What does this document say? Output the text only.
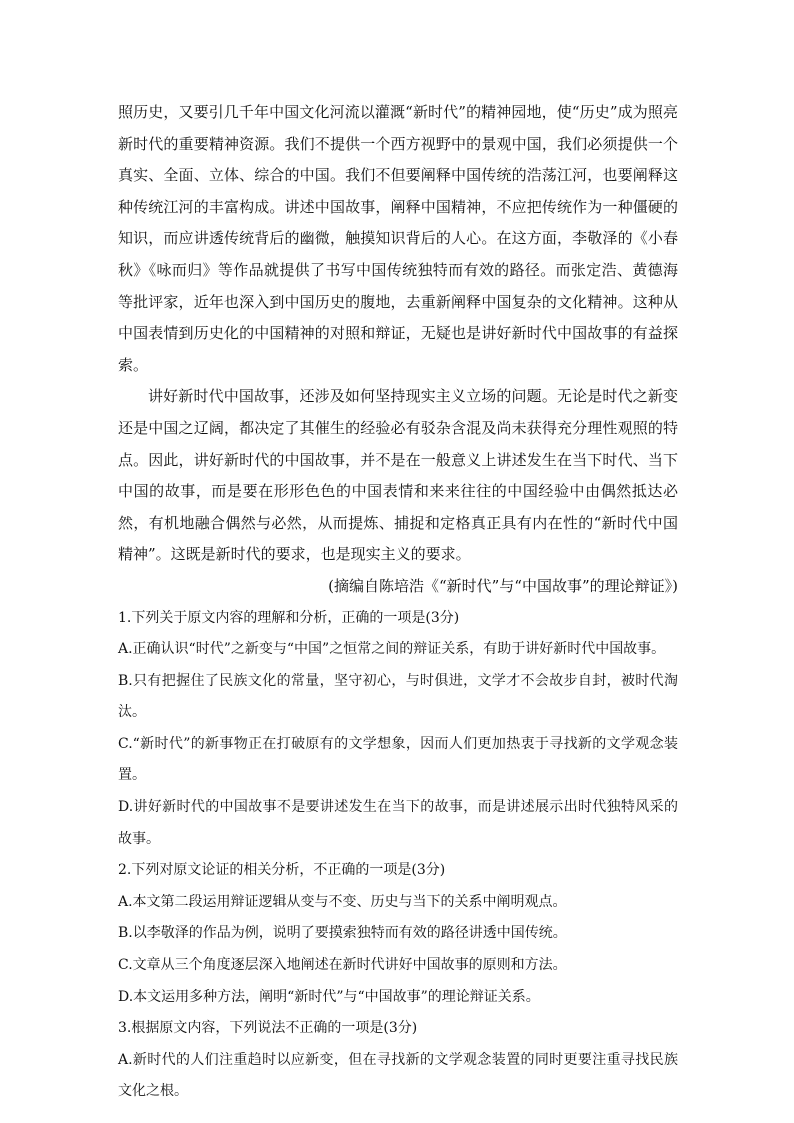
照历史，又要引几千年中国文化河流以灌溉“新时代”的精神园地，使“历史”成为照亮新时代的重要精神资源。我们不提供一个西方视野中的景观中国，我们必须提供一个真实、全面、立体、综合的中国。我们不但要阐释中国传统的浩荡江河，也要阐释这种传统江河的丰富构成。讲述中国故事，阐释中国精神，不应把传统作为一种僵硬的知识，而应讲透传统背后的幽微，触摸知识背后的人心。在这方面，李敬泽的《小春秋》《咏而归》等作品就提供了书写中国传统独特而有效的路径。而张定浩、黄德海等批评家，近年也深入到中国历史的腹地，去重新阐释中国复杂的文化精神。这种从中国表情到历史化的中国精神的对照和辩证，无疑也是讲好新时代中国故事的有益探索。

讲好新时代中国故事，还涉及如何坚持现实主义立场的问题。无论是时代之新变还是中国之辽阔，都决定了其催生的经验必有驳杂含混及尚未获得充分理性观照的特点。因此，讲好新时代的中国故事，并不是在一般意义上讲述发生在当下时代、当下中国的故事，而是要在形形色色的中国表情和来来往往的中国经验中由偶然抵达必然，有机地融合偶然与必然，从而提炼、捕捉和定格真正具有内在性的“新时代中国精神”。这既是新时代的要求，也是现实主义的要求。

(摘编自陈培浩《“新时代”与“中国故事”的理论辩证》)

1.下列关于原文内容的理解和分析，正确的一项是(3分)

A.正确认识“时代”之新变与“中国”之恒常之间的辩证关系，有助于讲好新时代中国故事。

B.只有把握住了民族文化的常量，坚守初心，与时俱进，文学才不会故步自封，被时代淘汰。

C.“新时代”的新事物正在打破原有的文学想象，因而人们更加热衷于寻找新的文学观念装置。

D.讲好新时代的中国故事不是要讲述发生在当下的故事，而是讲述展示出时代独特风采的故事。

2.下列对原文论证的相关分析，不正确的一项是(3分)

A.本文第二段运用辩证逻辑从变与不变、历史与当下的关系中阐明观点。

B.以李敬泽的作品为例，说明了要摸索独特而有效的路径讲透中国传统。

C.文章从三个角度逐层深入地阐述在新时代讲好中国故事的原则和方法。

D.本文运用多种方法，阐明“新时代”与“中国故事”的理论辩证关系。

3.根据原文内容，下列说法不正确的一项是(3分)

A.新时代的人们注重趋时以应新变，但在寻找新的文学观念装置的同时更要注重寻找民族文化之根。
